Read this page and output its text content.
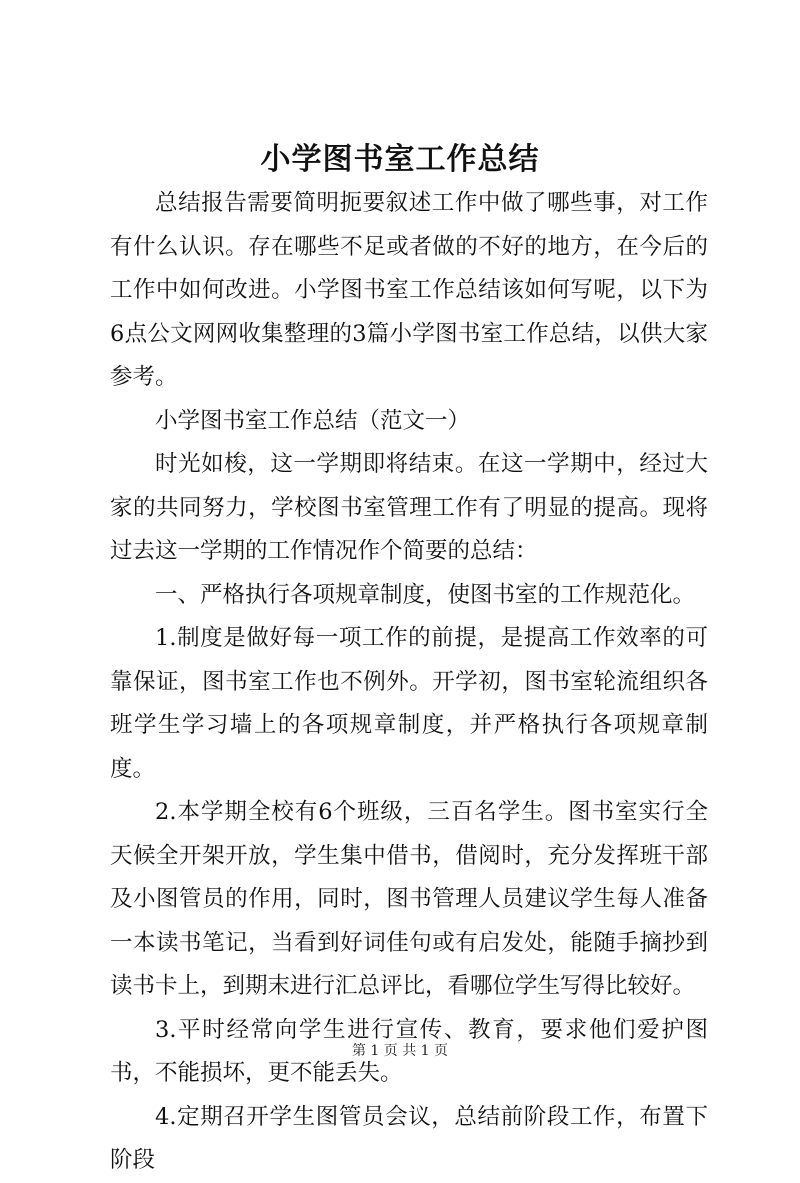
小学图书室工作总结

总结报告需要简明扼要叙述工作中做了哪些事，对工作有什么认识。存在哪些不足或者做的不好的地方，在今后的工作中如何改进。小学图书室工作总结该如何写呢，以下为6点公文网网收集整理的3篇小学图书室工作总结，以供大家参考。

小学图书室工作总结（范文一）

时光如梭，这一学期即将结束。在这一学期中，经过大家的共同努力，学校图书室管理工作有了明显的提高。现将过去这一学期的工作情况作个简要的总结：

一、严格执行各项规章制度，使图书室的工作规范化。

1.制度是做好每一项工作的前提，是提高工作效率的可靠保证，图书室工作也不例外。开学初，图书室轮流组织各班学生学习墙上的各项规章制度，并严格执行各项规章制度。

2.本学期全校有6个班级，三百名学生。图书室实行全天候全开架开放，学生集中借书，借阅时，充分发挥班干部及小图管员的作用，同时，图书管理人员建议学生每人准备一本读书笔记，当看到好词佳句或有启发处，能随手摘抄到读书卡上，到期末进行汇总评比，看哪位学生写得比较好。

3.平时经常向学生进行宣传、教育，要求他们爱护图书，不能损坏，更不能丢失。

4.定期召开学生图管员会议，总结前阶段工作，布置下阶段

第 1 页 共 1 页
